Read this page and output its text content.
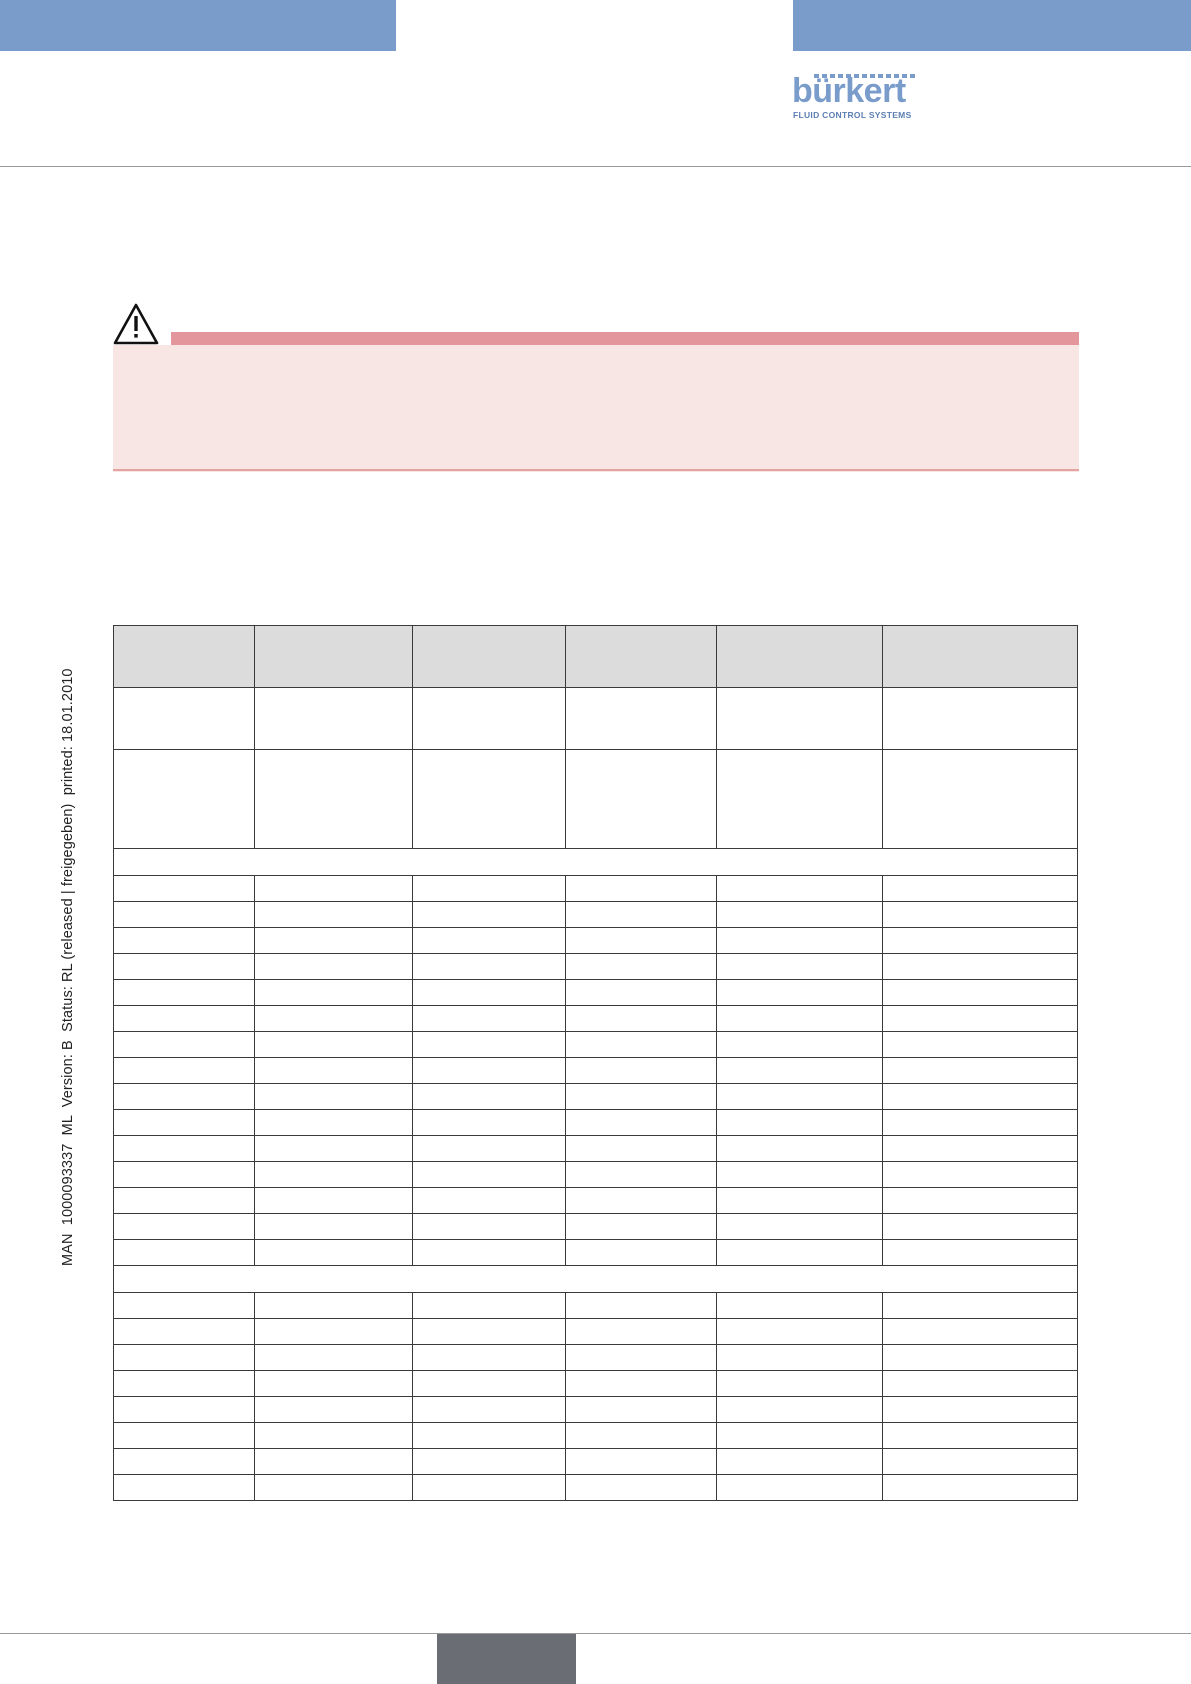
bürkert
FLUID CONTROL SYSTEMS
MAN  1000093337  ML  Version: B  Status: RL (released | freigegeben)  printed: 18.01.2010
